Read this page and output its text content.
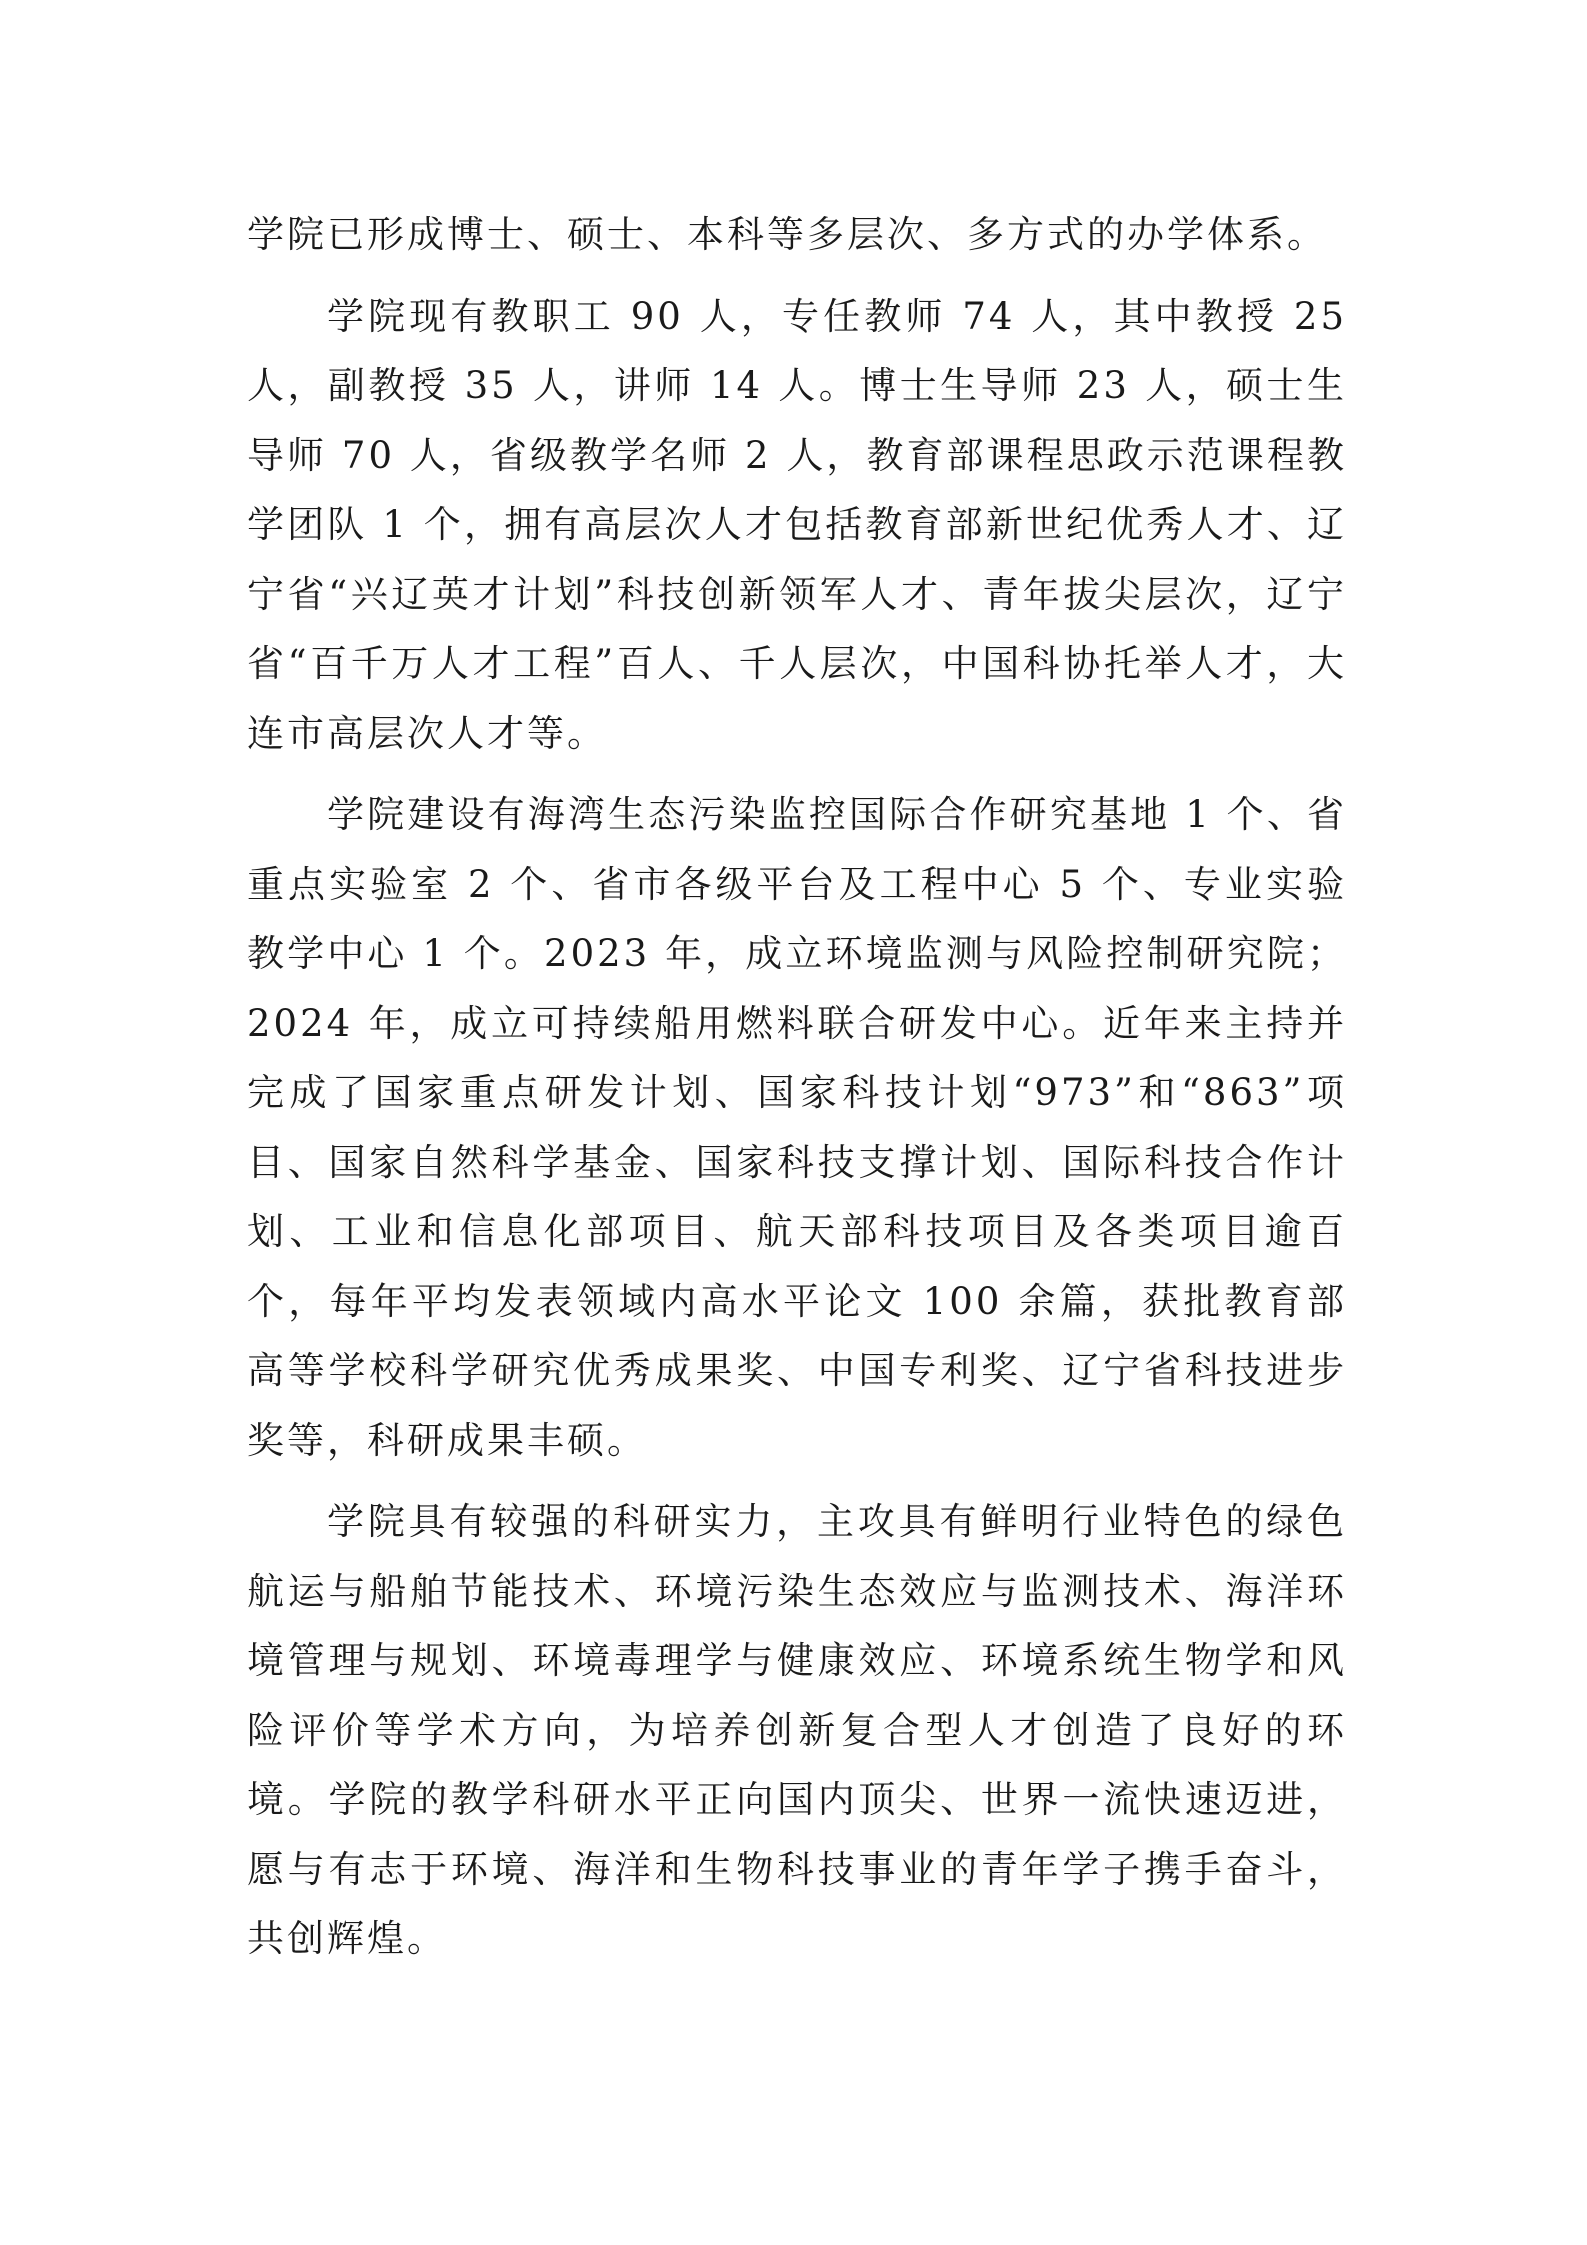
学院已形成博士、硕士、本科等多层次、多方式的办学体系。

学院现有教职工 90 人，专任教师 74 人，其中教授 25 人，副教授 35 人，讲师 14 人。博士生导师 23 人，硕士生导师 70 人，省级教学名师 2 人，教育部课程思政示范课程教学团队 1 个，拥有高层次人才包括教育部新世纪优秀人才、辽宁省“兴辽英才计划”科技创新领军人才、青年拔尖层次，辽宁省“百千万人才工程”百人、千人层次，中国科协托举人才，大连市高层次人才等。

学院建设有海湾生态污染监控国际合作研究基地 1 个、省重点实验室 2 个、省市各级平台及工程中心 5 个、专业实验教学中心 1 个。2023 年，成立环境监测与风险控制研究院；2024 年，成立可持续船用燃料联合研发中心。近年来主持并完成了国家重点研发计划、国家科技计划“973”和“863”项目、国家自然科学基金、国家科技支撑计划、国际科技合作计划、工业和信息化部项目、航天部科技项目及各类项目逾百个，每年平均发表领域内高水平论文 100 余篇，获批教育部高等学校科学研究优秀成果奖、中国专利奖、辽宁省科技进步奖等，科研成果丰硕。

学院具有较强的科研实力，主攻具有鲜明行业特色的绿色航运与船舶节能技术、环境污染生态效应与监测技术、海洋环境管理与规划、环境毒理学与健康效应、环境系统生物学和风险评价等学术方向，为培养创新复合型人才创造了良好的环境。学院的教学科研水平正向国内顶尖、世界一流快速迈进，愿与有志于环境、海洋和生物科技事业的青年学子携手奋斗，共创辉煌。
